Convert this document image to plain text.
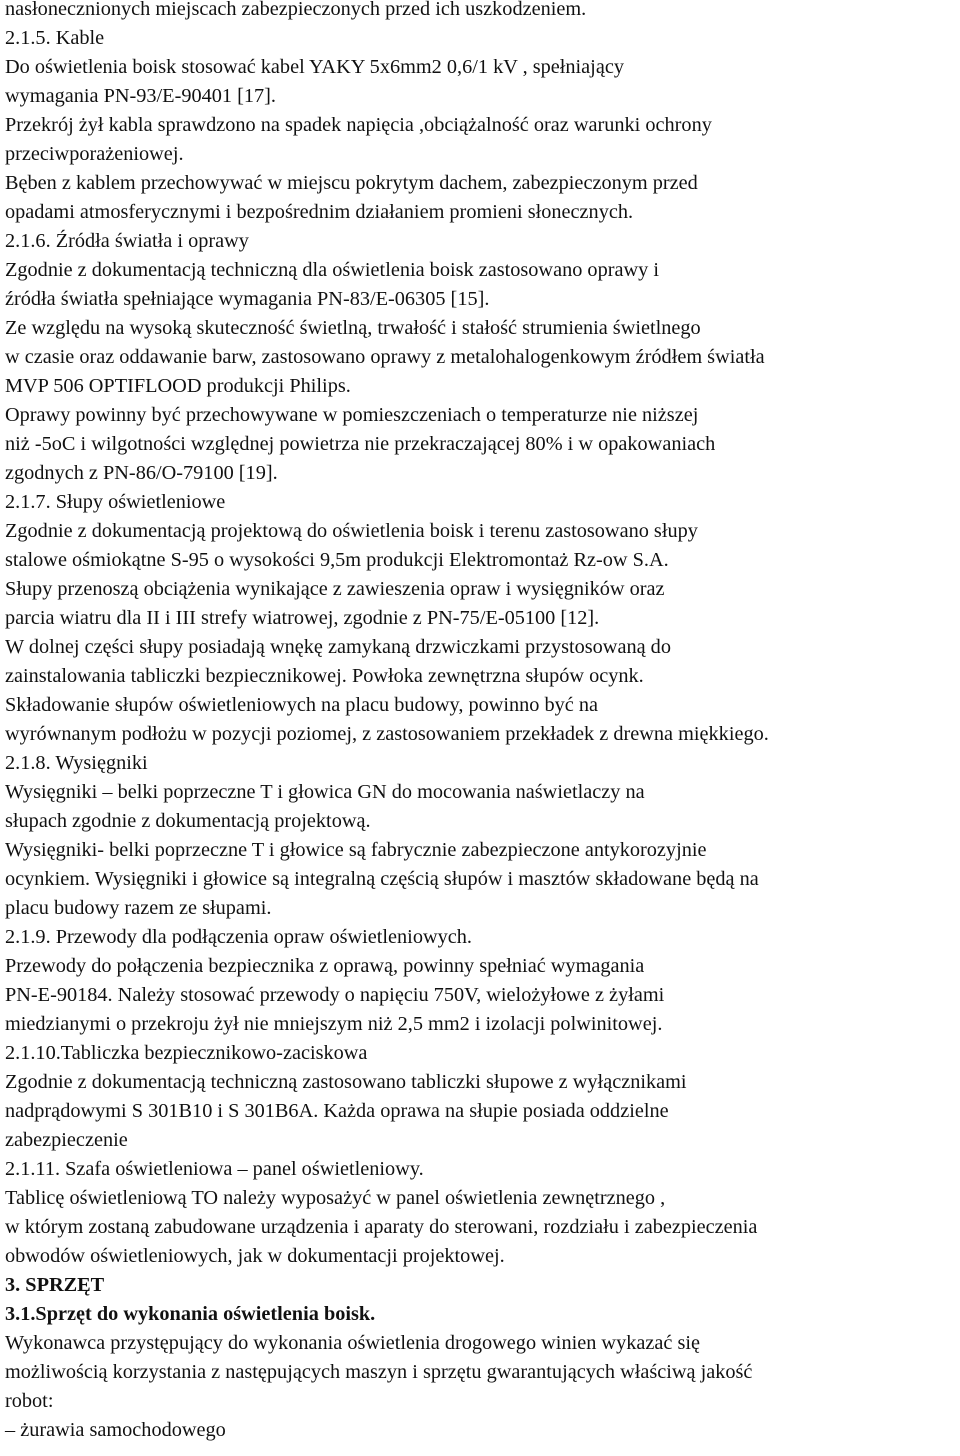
nasłonecznionych miejscach zabezpieczonych przed ich uszkodzeniem.
2.1.5. Kable
Do oświetlenia boisk stosować kabel YAKY 5x6mm2 0,6/1 kV , spełniający
wymagania PN-93/E-90401 [17].
Przekrój żył kabla sprawdzono na spadek napięcia ,obciążalność oraz warunki ochrony
przeciwporażeniowej.
Bęben z kablem przechowywać w miejscu pokrytym dachem, zabezpieczonym przed
opadami atmosferycznymi i bezpośrednim działaniem promieni słonecznych.
2.1.6. Źródła światła i oprawy
Zgodnie z dokumentacją techniczną dla oświetlenia boisk zastosowano oprawy i
źródła światła spełniające wymagania PN-83/E-06305 [15].
Ze względu na wysoką skuteczność świetlną, trwałość i stałość strumienia świetlnego
w czasie oraz oddawanie barw, zastosowano oprawy z metalohalogenkowym źródłem światła
MVP 506 OPTIFLOOD produkcji Philips.
Oprawy powinny być przechowywane w pomieszczeniach o temperaturze nie niższej
niż -5oC i wilgotności względnej powietrza nie przekraczającej 80% i w opakowaniach
zgodnych z PN-86/O-79100 [19].
2.1.7. Słupy oświetleniowe
Zgodnie z dokumentacją projektową do oświetlenia boisk i terenu zastosowano słupy
stalowe ośmiokątne S-95 o wysokości 9,5m produkcji Elektromontaż Rz-ow S.A.
Słupy przenoszą obciążenia wynikające z zawieszenia opraw i wysięgników oraz
parcia wiatru dla II i III strefy wiatrowej, zgodnie z PN-75/E-05100 [12].
W dolnej części słupy posiadają wnękę zamykaną drzwiczkami przystosowaną do
zainstalowania tabliczki bezpiecznikowej. Powłoka zewnętrzna słupów ocynk.
Składowanie słupów oświetleniowych na placu budowy, powinno być na
wyrównanym podłożu w pozycji poziomej, z zastosowaniem przekładek z drewna miękkiego.
2.1.8. Wysięgniki
Wysięgniki – belki poprzeczne T i głowica GN do mocowania naświetlaczy na
słupach zgodnie z dokumentacją projektową.
Wysięgniki- belki poprzeczne T i głowice są fabrycznie zabezpieczone antykorozyjnie
ocynkiem. Wysięgniki i głowice są integralną częścią słupów i masztów składowane będą na
placu budowy razem ze słupami.
2.1.9. Przewody dla podłączenia opraw oświetleniowych.
Przewody do połączenia bezpiecznika z oprawą, powinny spełniać wymagania
PN-E-90184. Należy stosować przewody o napięciu 750V, wielożyłowe z żyłami
miedzianymi o przekroju żył nie mniejszym niż 2,5 mm2 i izolacji polwinitowej.
2.1.10.Tabliczka bezpiecznikowo-zaciskowa
Zgodnie z dokumentacją techniczną zastosowano tabliczki słupowe z wyłącznikami
nadprądowymi S 301B10 i S 301B6A. Każda oprawa na słupie posiada oddzielne
zabezpieczenie
2.1.11. Szafa oświetleniowa – panel oświetleniowy.
Tablicę oświetleniową TO należy wyposażyć w panel oświetlenia zewnętrznego ,
w którym zostaną zabudowane urządzenia i aparaty do sterowani, rozdziału i zabezpieczenia
obwodów oświetleniowych, jak w dokumentacji projektowej.
3. SPRZĘT
3.1.Sprzęt do wykonania oświetlenia boisk.
Wykonawca przystępujący do wykonania oświetlenia drogowego winien wykazać się
możliwością korzystania z następujących maszyn i sprzętu gwarantujących właściwą jakość
robot:
– żurawia samochodowego
